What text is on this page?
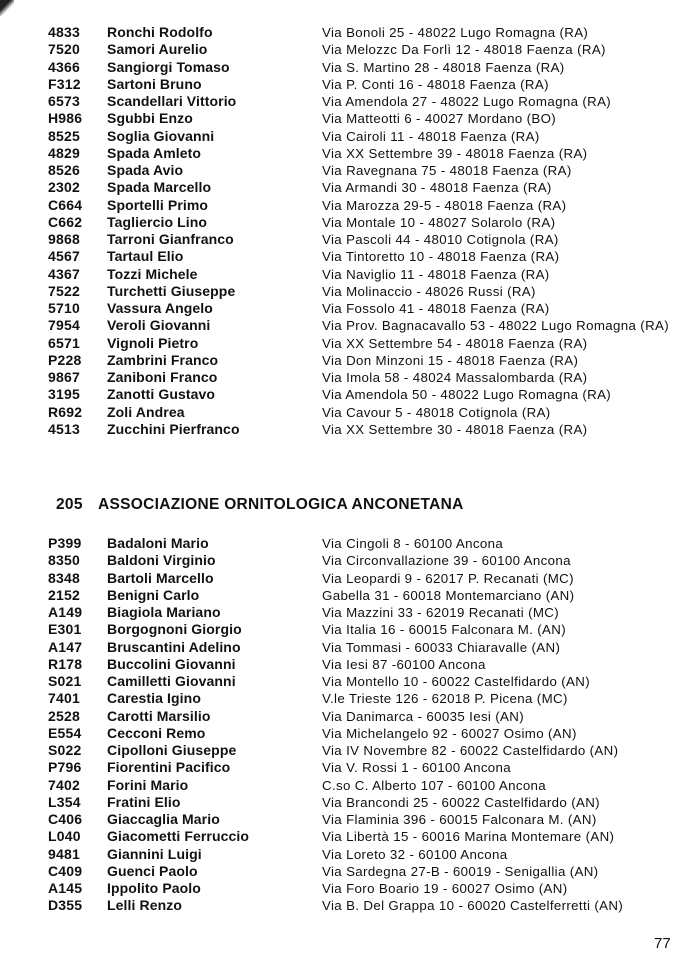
4833	Ronchi Rodolfo	Via Bonoli 25 - 48022 Lugo Romagna (RA)
7520	Samori Aurelio	Via Melozzc Da Forlì 12 - 48018 Faenza (RA)
4366	Sangiorgi Tomaso	Via S. Martino 28 - 48018 Faenza (RA)
F312	Sartoni Bruno	Via P. Conti 16 - 48018 Faenza (RA)
6573	Scandellari Vittorio	Via Amendola 27 - 48022 Lugo Romagna (RA)
H986	Sgubbi Enzo	Via Matteotti 6 - 40027 Mordano (BO)
8525	Soglia Giovanni	Via Cairoli 11 - 48018 Faenza (RA)
4829	Spada Amleto	Via XX Settembre 39 - 48018 Faenza (RA)
8526	Spada Avio	Via Ravegnana 75 - 48018 Faenza (RA)
2302	Spada Marcello	Via Armandi 30 - 48018 Faenza (RA)
C664	Sportelli Primo	Via Marozza 29-5 - 48018 Faenza (RA)
C662	Tagliercio Lino	Via Montale 10 - 48027 Solarolo (RA)
9868	Tarroni Gianfranco	Via Pascoli 44 - 48010 Cotignola (RA)
4567	Tartaul Elio	Via Tintoretto 10 - 48018 Faenza (RA)
4367	Tozzi Michele	Via Naviglio 11 - 48018 Faenza (RA)
7522	Turchetti Giuseppe	Via Molinaccio - 48026 Russi (RA)
5710	Vassura Angelo	Via Fossolo 41 - 48018 Faenza (RA)
7954	Veroli Giovanni	Via Prov. Bagnacavallo 53 - 48022 Lugo Romagna (RA)
6571	Vignoli Pietro	Via XX Settembre 54 - 48018 Faenza (RA)
P228	Zambrini Franco	Via Don Minzoni 15 - 48018 Faenza (RA)
9867	Zaniboni Franco	Via Imola 58 - 48024 Massalombarda (RA)
3195	Zanotti Gustavo	Via Amendola 50 - 48022 Lugo Romagna (RA)
R692	Zoli Andrea	Via Cavour 5 - 48018 Cotignola (RA)
4513	Zucchini Pierfranco	Via XX Settembre 30 - 48018 Faenza (RA)
205 ASSOCIAZIONE ORNITOLOGICA ANCONETANA
P399	Badaloni Mario	Via Cingoli 8 - 60100 Ancona
8350	Baldoni Virginio	Via Circonvallazione 39 - 60100 Ancona
8348	Bartoli Marcello	Via Leopardi 9 - 62017 P. Recanati (MC)
2152	Benigni Carlo	Gabella 31 - 60018 Montemarciano (AN)
A149	Biagiola Mariano	Via Mazzini 33 - 62019 Recanati (MC)
E301	Borgognoni Giorgio	Via Italia 16 - 60015 Falconara M. (AN)
A147	Bruscantini Adelino	Via Tommasi - 60033 Chiaravalle (AN)
R178	Buccolini Giovanni	Via Iesi 87 -60100 Ancona
S021	Camilletti Giovanni	Via Montello 10 - 60022 Castelfidardo (AN)
7401	Carestia Igino	V.le Trieste 126 - 62018 P. Picena (MC)
2528	Carotti Marsilio	Via Danimarca - 60035 Iesi (AN)
E554	Cecconi Remo	Via Michelangelo 92 - 60027 Osimo (AN)
S022	Cipolloni Giuseppe	Via IV Novembre 82 - 60022 Castelfidardo (AN)
P796	Fiorentini Pacifico	Via V. Rossi 1 - 60100 Ancona
7402	Forini Mario	C.so C. Alberto 107 - 60100 Ancona
L354	Fratini Elio	Via Brancondi 25 - 60022 Castelfidardo (AN)
C406	Giaccaglia Mario	Via Flaminia 396 - 60015 Falconara M. (AN)
L040	Giacometti Ferruccio	Via Libertà 15 - 60016 Marina Montemare (AN)
9481	Giannini Luigi	Via Loreto 32 - 60100 Ancona
C409	Guenci Paolo	Via Sardegna 27-B - 60019 - Senigallia (AN)
A145	Ippolito Paolo	Via Foro Boario 19 - 60027 Osimo (AN)
D355	Lelli Renzo	Via B. Del Grappa 10 - 60020 Castelferretti (AN)
77
